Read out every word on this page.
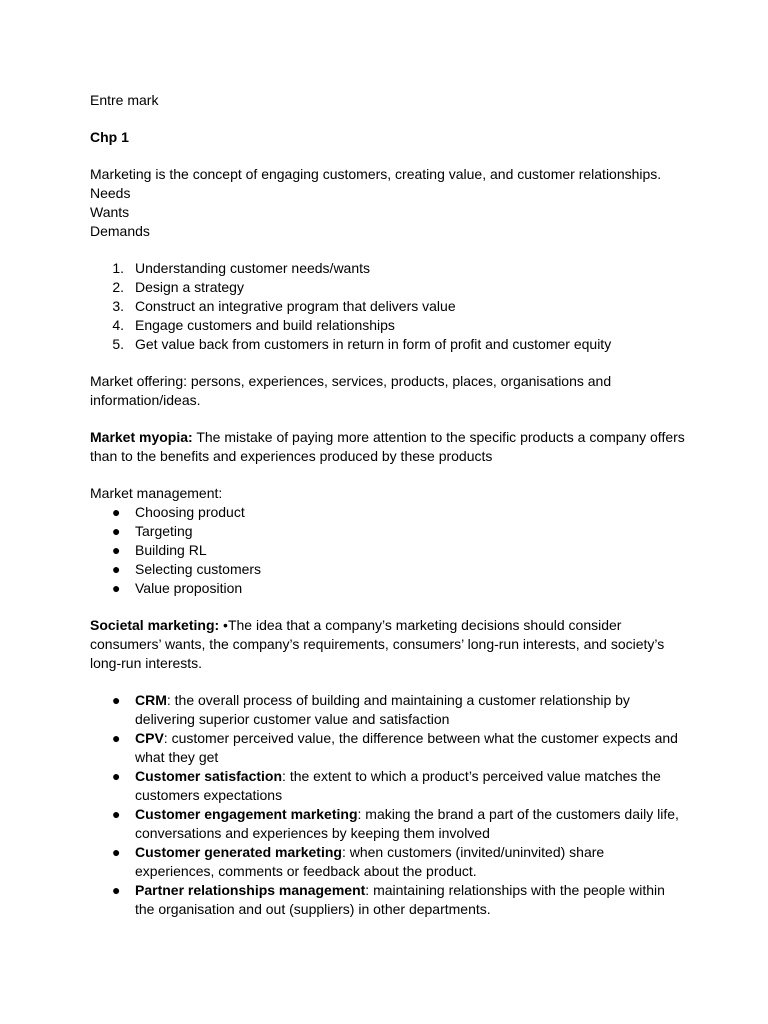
Entre mark

Chp 1

Marketing is the concept of engaging customers, creating value, and customer relationships.

Needs

Wants

Demands

1. Understanding customer needs/wants
2. Design a strategy
3. Construct an integrative program that delivers value
4. Engage customers and build relationships
5. Get value back from customers in return in form of profit and customer equity

Market offering: persons, experiences, services, products, places, organisations and

information/ideas.

Market myopia: The mistake of paying more attention to the specific products a company offers

than to the benefits and experiences produced by these products

Market management:

● Choosing product
● Targeting
● Building RL
● Selecting customers
● Value proposition

Societal marketing: •The idea that a company’s marketing decisions should consider

consumers’ wants, the company’s requirements, consumers’ long-run interests, and society’s

long-run interests.

● CRM: the overall process of building and maintaining a customer relationship by
delivering superior customer value and satisfaction
● CPV: customer perceived value, the difference between what the customer expects and
what they get
● Customer satisfaction: the extent to which a product’s perceived value matches the
customers expectations
● Customer engagement marketing: making the brand a part of the customers daily life,
conversations and experiences by keeping them involved
● Customer generated marketing: when customers (invited/uninvited) share
experiences, comments or feedback about the product.
● Partner relationships management: maintaining relationships with the people within
the organisation and out (suppliers) in other departments.
